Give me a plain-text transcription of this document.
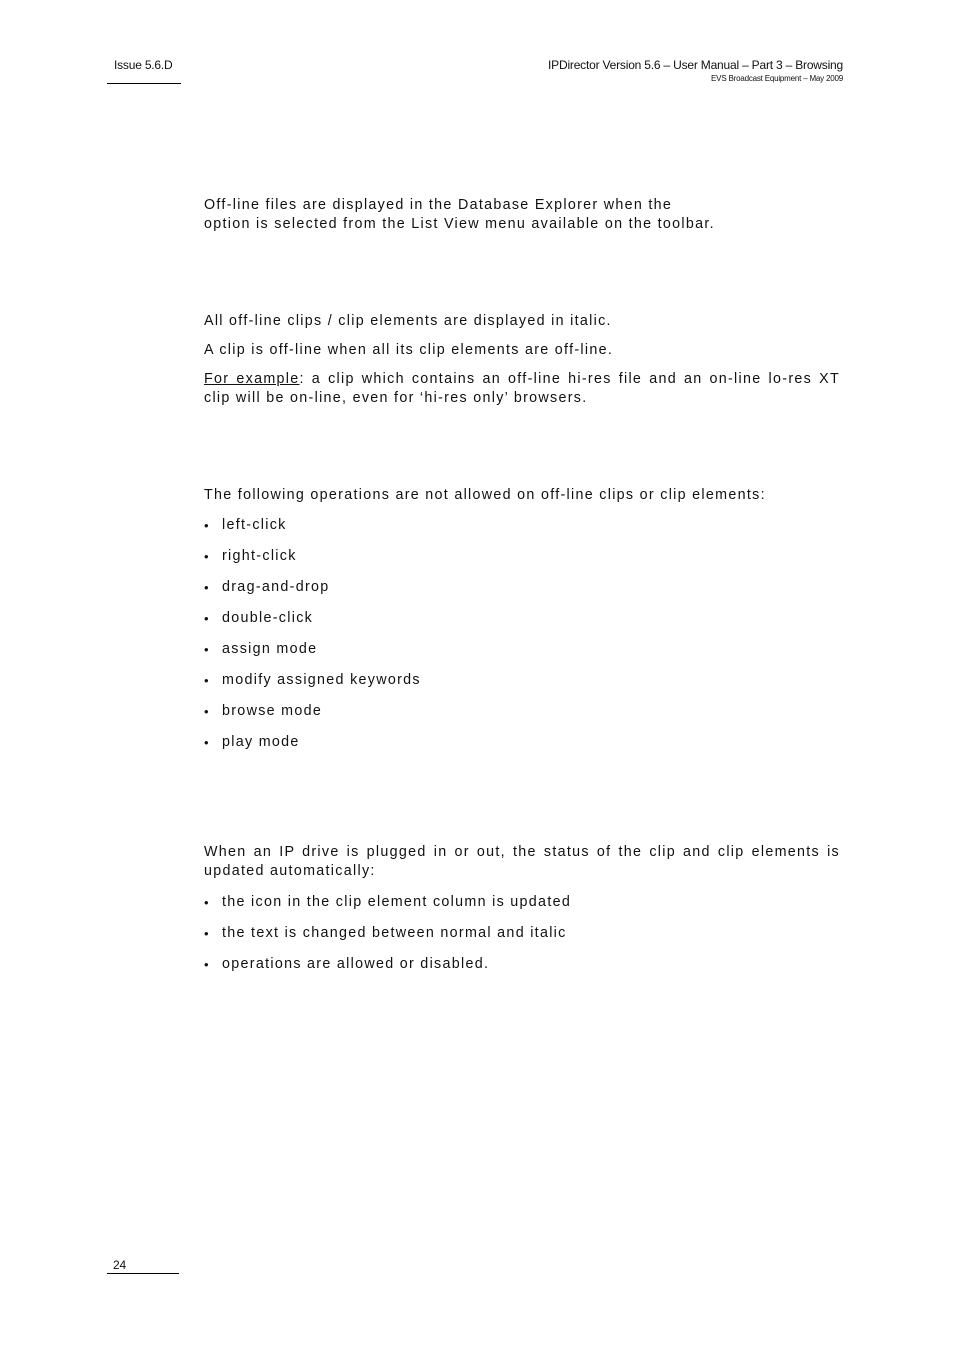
Issue 5.6.D	IPDirector Version 5.6 – User Manual – Part 3 – Browsing
EVS Broadcast Equipment – May 2009
Off-line files are displayed in the Database Explorer when the
option is selected from the List View menu available on the toolbar.
All off-line clips / clip elements are displayed in italic.
A clip is off-line when all its clip elements are off-line.
For example: a clip which contains an off-line hi-res file and an on-line lo-res XT clip will be on-line, even for ‘hi-res only’ browsers.
The following operations are not allowed on off-line clips or clip elements:
• left-click
• right-click
• drag-and-drop
• double-click
• assign mode
• modify assigned keywords
• browse mode
• play mode
When an IP drive is plugged in or out, the status of the clip and clip elements is updated automatically:
• the icon in the clip element column is updated
• the text is changed between normal and italic
• operations are allowed or disabled.
24
